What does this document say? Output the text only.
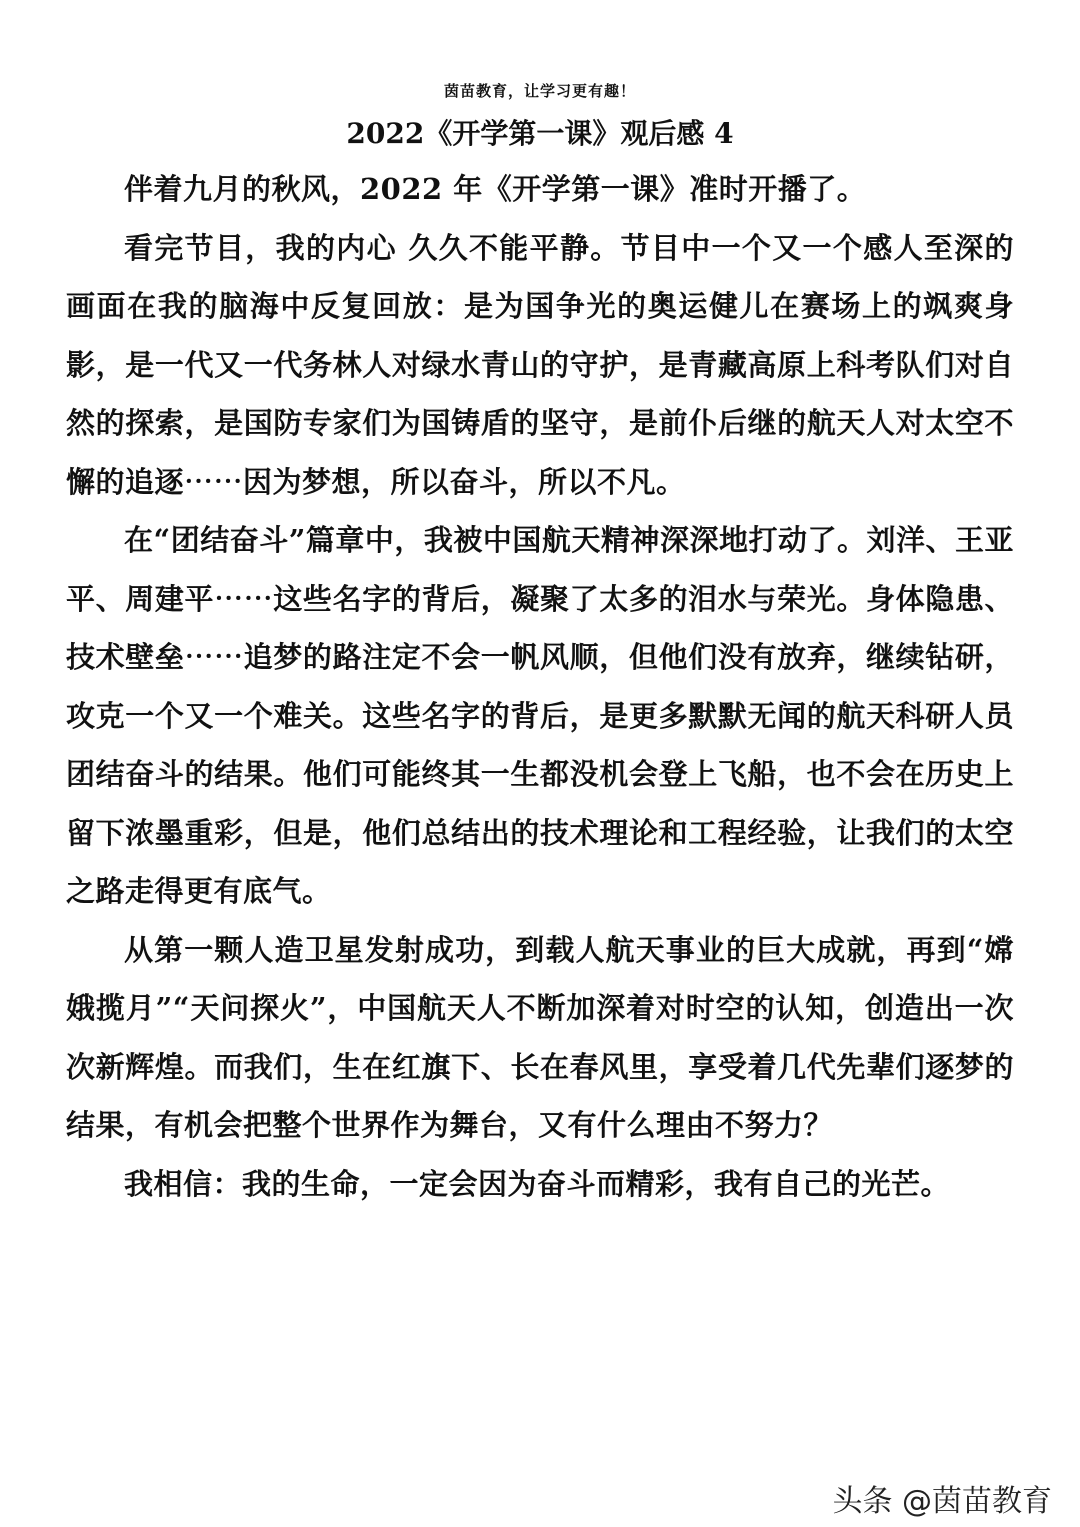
茵苗教育，让学习更有趣！
2022《开学第一课》观后感 4

伴着九月的秋风，2022 年《开学第一课》准时开播了。

看完节目，我的内心 久久不能平静。节目中一个又一个感人至深的画面在我的脑海中反复回放：是为国争光的奥运健儿在赛场上的飒爽身影，是一代又一代务林人对绿水青山的守护，是青藏高原上科考队们对自然的探索，是国防专家们为国铸盾的坚守，是前仆后继的航天人对太空不懈的追逐⋯⋯因为梦想，所以奋斗，所以不凡。

在“团结奋斗”篇章中，我被中国航天精神深深地打动了。刘洋、王亚平、周建平⋯⋯这些名字的背后，凝聚了太多的泪水与荣光。身体隐患、技术壁垒⋯⋯追梦的路注定不会一帆风顺，但他们没有放弃，继续钻研，攻克一个又一个难关。这些名字的背后，是更多默默无闻的航天科研人员团结奋斗的结果。他们可能终其一生都没机会登上飞船，也不会在历史上留下浓墨重彩，但是，他们总结出的技术理论和工程经验，让我们的太空之路走得更有底气。

从第一颗人造卫星发射成功，到载人航天事业的巨大成就，再到“嫦娥揽月”“天问探火”，中国航天人不断加深着对时空的认知，创造出一次次新辉煌。而我们，生在红旗下、长在春风里，享受着几代先辈们逐梦的结果，有机会把整个世界作为舞台，又有什么理由不努力？

我相信：我的生命，一定会因为奋斗而精彩，我有自己的光芒。

头条 @茵苗教育
